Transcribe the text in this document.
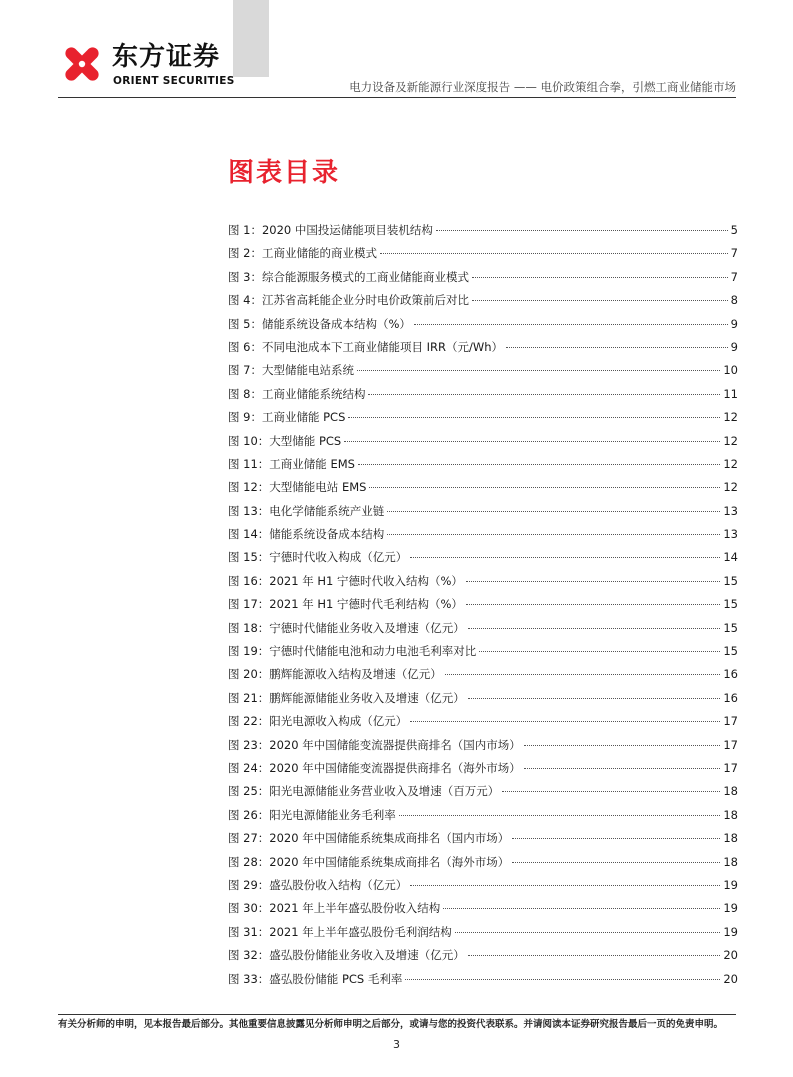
东方证券
ORIENT SECURITIES	电力设备及新能源行业深度报告 —— 电价政策组合拳，引燃工商业储能市场
图表目录
图 1：2020 中国投运储能项目装机结构	5
图 2：工商业储能的商业模式	7
图 3：综合能源服务模式的工商业储能商业模式	7
图 4：江苏省高耗能企业分时电价政策前后对比	8
图 5：储能系统设备成本结构（%）	9
图 6：不同电池成本下工商业储能项目 IRR（元/Wh）	9
图 7：大型储能电站系统	10
图 8：工商业储能系统结构	11
图 9：工商业储能 PCS	12
图 10：大型储能 PCS	12
图 11：工商业储能 EMS	12
图 12：大型储能电站 EMS	12
图 13：电化学储能系统产业链	13
图 14：储能系统设备成本结构	13
图 15：宁德时代收入构成（亿元）	14
图 16：2021 年 H1 宁德时代收入结构（%）	15
图 17：2021 年 H1 宁德时代毛利结构（%）	15
图 18：宁德时代储能业务收入及增速（亿元）	15
图 19：宁德时代储能电池和动力电池毛利率对比	15
图 20：鹏辉能源收入结构及增速（亿元）	16
图 21：鹏辉能源储能业务收入及增速（亿元）	16
图 22：阳光电源收入构成（亿元）	17
图 23：2020 年中国储能变流器提供商排名（国内市场）	17
图 24：2020 年中国储能变流器提供商排名（海外市场）	17
图 25：阳光电源储能业务营业收入及增速（百万元）	18
图 26：阳光电源储能业务毛利率	18
图 27：2020 年中国储能系统集成商排名（国内市场）	18
图 28：2020 年中国储能系统集成商排名（海外市场）	18
图 29：盛弘股份收入结构（亿元）	19
图 30：2021 年上半年盛弘股份收入结构	19
图 31：2021 年上半年盛弘股份毛利润结构	19
图 32：盛弘股份储能业务收入及增速（亿元）	20
图 33：盛弘股份储能 PCS 毛利率	20
有关分析师的申明，见本报告最后部分。其他重要信息披露见分析师申明之后部分，或请与您的投资代表联系。并请阅读本证券研究报告最后一页的免责申明。
3
